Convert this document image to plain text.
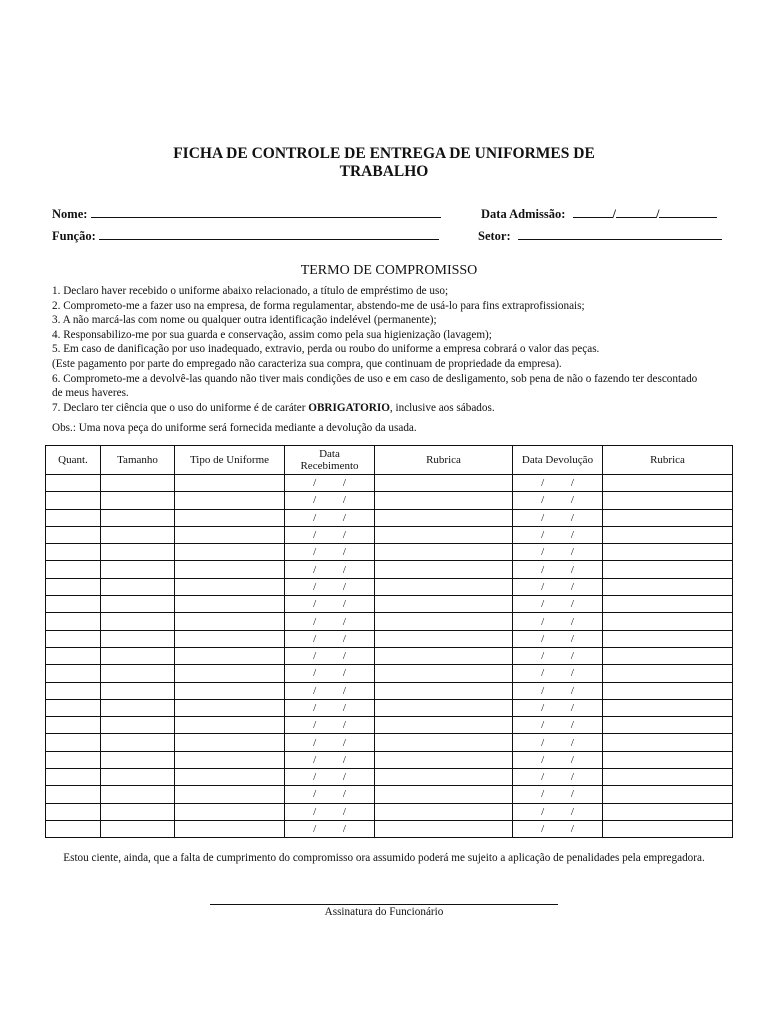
FICHA DE CONTROLE DE ENTREGA DE UNIFORMES DE
TRABALHO
Nome:	Data Admissão:	/	/
Função:	Setor:
TERMO DE COMPROMISSO
1. Declaro haver recebido o uniforme abaixo relacionado, a título de empréstimo de uso;
2. Comprometo-me a fazer uso na empresa, de forma regulamentar, abstendo-me de usá-lo para fins extraprofissionais;
3. A não marcá-las com nome ou qualquer outra identificação indelével (permanente);
4. Responsabilizo-me por sua guarda e conservação, assim como pela sua higienização (lavagem);
5. Em caso de danificação por uso inadequado, extravio, perda ou roubo do uniforme a empresa cobrará o valor das peças.
(Este pagamento por parte do empregado não caracteriza sua compra, que continuam de propriedade da empresa).
6. Comprometo-me a devolvê-las quando não tiver mais condições de uso e em caso de desligamento, sob pena de não o fazendo ter descontado
de meus haveres.
7. Declaro ter ciência que o uso do uniforme é de caráter OBRIGATORIO, inclusive aos sábados.
Obs.: Uma nova peça do uniforme será fornecida mediante a devolução da usada.
Quant.	Tamanho	Tipo de Uniforme	Data
Recebimento	Rubrica	Data Devolução	Rubrica
			/ /		/ /	
			/ /		/ /	
			/ /		/ /	
			/ /		/ /	
			/ /		/ /	
			/ /		/ /	
			/ /		/ /	
			/ /		/ /	
			/ /		/ /	
			/ /		/ /	
			/ /		/ /	
			/ /		/ /	
			/ /		/ /	
			/ /		/ /	
			/ /		/ /	
			/ /		/ /	
			/ /		/ /	
			/ /		/ /	
			/ /		/ /	
			/ /		/ /	
			/ /		/ /	
Estou ciente, ainda, que a falta de cumprimento do compromisso ora assumido poderá me sujeito a aplicação de penalidades pela empregadora.
Assinatura do Funcionário
